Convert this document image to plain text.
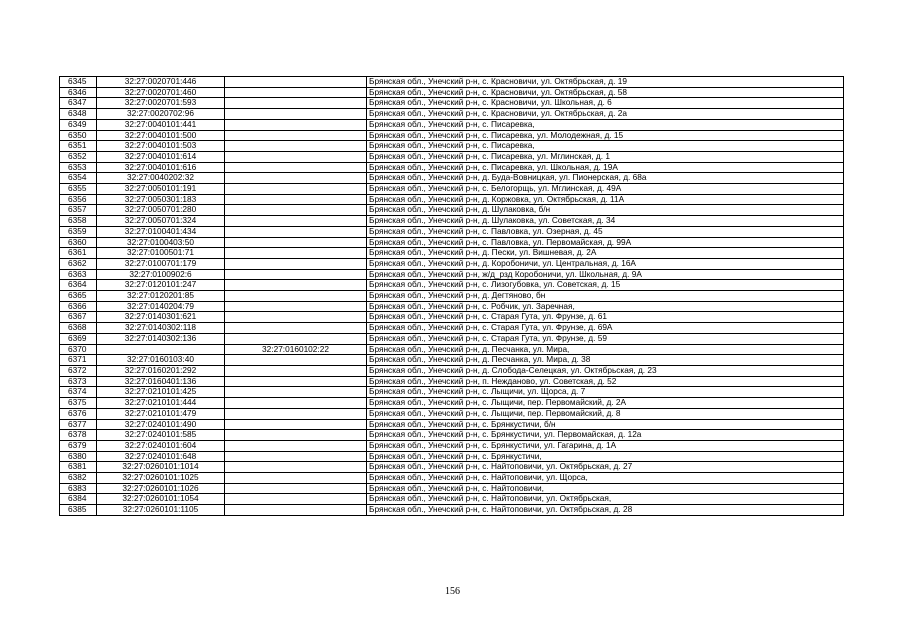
6345	32:27:0020701:446		Брянская обл., Унечский р-н, с. Красновичи, ул. Октябрьская, д. 19
6346	32:27:0020701:460		Брянская обл., Унечский р-н, с. Красновичи, ул. Октябрьская, д. 58
6347	32:27:0020701:593		Брянская обл., Унечский р-н, с. Красновичи, ул. Школьная, д. 6
6348	32:27:0020702:96		Брянская обл., Унечский р-н, с. Красновичи, ул. Октябрьская, д. 2а
6349	32:27:0040101:441		Брянская обл., Унечский р-н, с. Писаревка,
6350	32:27:0040101:500		Брянская обл., Унечский р-н, с. Писаревка, ул. Молодежная, д. 15
6351	32:27:0040101:503		Брянская обл., Унечский р-н, с. Писаревка,
6352	32:27:0040101:614		Брянская обл., Унечский р-н, с. Писаревка, ул. Мглинская, д. 1
6353	32:27:0040101:616		Брянская обл., Унечский р-н, с. Писаревка, ул. Школьная, д. 19А
6354	32:27:0040202:32		Брянская обл., Унечский р-н, д. Буда-Вовницкая, ул. Пионерская, д. 68а
6355	32:27:0050101:191		Брянская обл., Унечский р-н, с. Белогорщь, ул. Мглинская, д. 49А
6356	32:27:0050301:183		Брянская обл., Унечский р-н, д. Коржовка, ул. Октябрьская, д. 11А
6357	32:27:0050701:280		Брянская обл., Унечский р-н, д. Шулаковка, б/н
6358	32:27:0050701:324		Брянская обл., Унечский р-н, д. Шулаковка, ул. Советская, д. 34
6359	32:27:0100401:434		Брянская обл., Унечский р-н, с. Павловка, ул. Озерная, д. 45
6360	32:27:0100403:50		Брянская обл., Унечский р-н, с. Павловка, ул. Первомайская, д. 99А
6361	32:27:0100501:71		Брянская обл., Унечский р-н, д. Пески, ул. Вишневая, д. 2А
6362	32:27:0100701:179		Брянская обл., Унечский р-н, д. Коробоничи, ул. Центральная, д. 16А
6363	32:27:0100902:6		Брянская обл., Унечский р-н, ж/д_рзд Коробоничи, ул. Школьная, д. 9А
6364	32:27:0120101:247		Брянская обл., Унечский р-н, с. Лизогубовка, ул. Советская, д. 15
6365	32:27:0120201:85		Брянская обл., Унечский р-н, д. Дегтяново, бн
6366	32:27:0140204:79		Брянская обл., Унечский р-н, с. Робчик, ул. Заречная,
6367	32:27:0140301:621		Брянская обл., Унечский р-н, с. Старая Гута, ул. Фрунзе, д. 61
6368	32:27:0140302:118		Брянская обл., Унечский р-н, с. Старая Гута, ул. Фрунзе, д. 69А
6369	32:27:0140302:136		Брянская обл., Унечский р-н, с. Старая Гута, ул. Фрунзе, д. 59
6370		32:27:0160102:22	Брянская обл., Унечский р-н, д. Песчанка, ул. Мира,
6371	32:27:0160103:40		Брянская обл., Унечский р-н, д. Песчанка, ул. Мира, д. 38
6372	32:27:0160201:292		Брянская обл., Унечский р-н, д. Слобода-Селецкая, ул. Октябрьская, д. 23
6373	32:27:0160401:136		Брянская обл., Унечский р-н, п. Нежданово, ул. Советская, д. 52
6374	32:27:0210101:425		Брянская обл., Унечский р-н, с. Лыщичи, ул. Щорса, д. 7
6375	32:27:0210101:444		Брянская обл., Унечский р-н, с. Лыщичи, пер. Первомайский, д. 2А
6376	32:27:0210101:479		Брянская обл., Унечский р-н, с. Лыщичи, пер. Первомайский, д. 8
6377	32:27:0240101:490		Брянская обл., Унечский р-н, с. Брянкустичи, б/н
6378	32:27:0240101:585		Брянская обл., Унечский р-н, с. Брянкустичи, ул. Первомайская, д. 12а
6379	32:27:0240101:604		Брянская обл., Унечский р-н, с. Брянкустичи, ул. Гагарина, д. 1А
6380	32:27:0240101:648		Брянская обл., Унечский р-н, с. Брянкустичи,
6381	32:27:0260101:1014		Брянская обл., Унечский р-н, с. Найтоповичи, ул. Октябрьская, д. 27
6382	32:27:0260101:1025		Брянская обл., Унечский р-н, с. Найтоповичи, ул. Щорса,
6383	32:27:0260101:1026		Брянская обл., Унечский р-н, с. Найтоповичи,
6384	32:27:0260101:1054		Брянская обл., Унечский р-н, с. Найтоповичи, ул. Октябрьская,
6385	32:27:0260101:1105		Брянская обл., Унечский р-н, с. Найтоповичи, ул. Октябрьская, д. 28
156
